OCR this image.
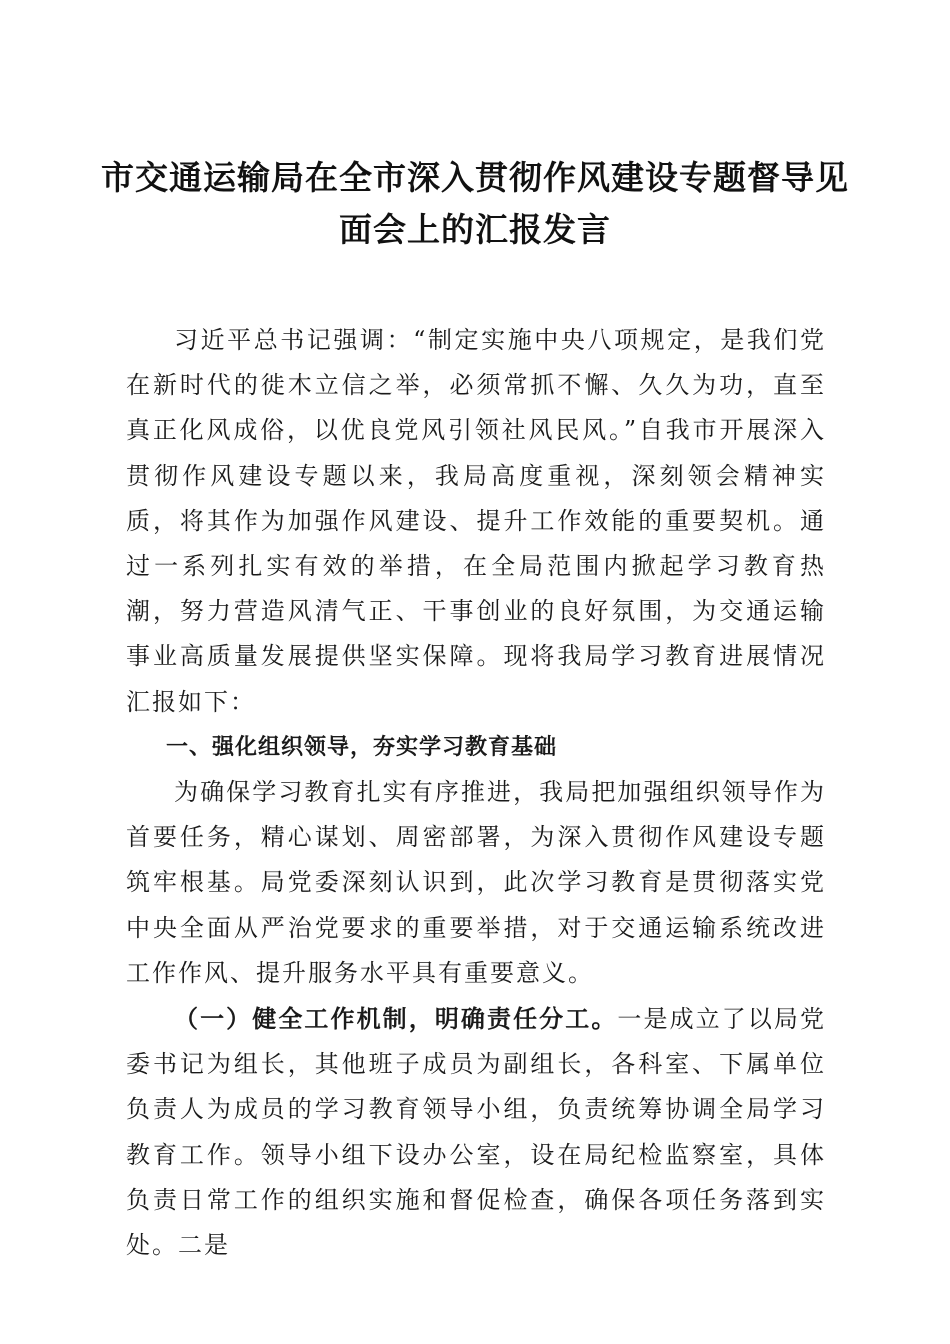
市交通运输局在全市深入贯彻作风建设专题督导见面会上的汇报发言

习近平总书记强调：“制定实施中央八项规定，是我们党在新时代的徙木立信之举，必须常抓不懈、久久为功，直至真正化风成俗，以优良党风引领社风民风。”自我市开展深入贯彻作风建设专题以来，我局高度重视，深刻领会精神实质，将其作为加强作风建设、提升工作效能的重要契机。通过一系列扎实有效的举措，在全局范围内掀起学习教育热潮，努力营造风清气正、干事创业的良好氛围，为交通运输事业高质量发展提供坚实保障。现将我局学习教育进展情况汇报如下：

一、强化组织领导，夯实学习教育基础

为确保学习教育扎实有序推进，我局把加强组织领导作为首要任务，精心谋划、周密部署，为深入贯彻作风建设专题筑牢根基。局党委深刻认识到，此次学习教育是贯彻落实党中央全面从严治党要求的重要举措，对于交通运输系统改进工作作风、提升服务水平具有重要意义。

（一）健全工作机制，明确责任分工。一是成立了以局党委书记为组长，其他班子成员为副组长，各科室、下属单位负责人为成员的学习教育领导小组，负责统筹协调全局学习教育工作。领导小组下设办公室，设在局纪检监察室，具体负责日常工作的组织实施和督促检查，确保各项任务落到实处。二是
